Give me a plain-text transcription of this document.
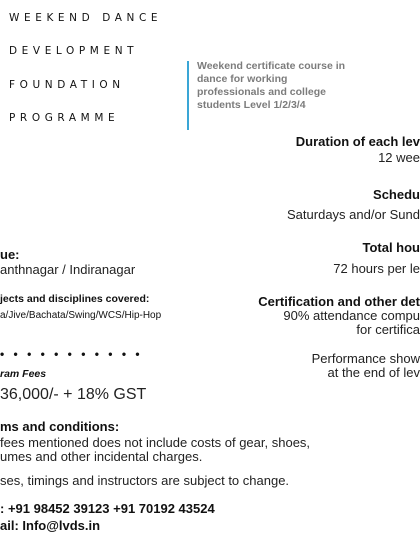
WEEKEND DANCE
DEVELOPMENT
FOUNDATION
PROGRAMME
Weekend certificate course in dance for working professionals and college students Level 1/2/3/4
Duration of each lev
12 wee
Schedu
Saturdays and/or Sund
Total hou
72 hours per le
Certification and other det
90% attendance compu
for certifica
Performance show
at the end of lev
ue:
anthnagar / Indiranagar
jects and disciplines covered:
a/Jive/Bachata/Swing/WCS/Hip-Hop
• • • • • • • • • • •
ram Fees
36,000/- + 18% GST
ms and conditions:
fees mentioned does not include costs of gear, shoes,
umes and other incidental charges.
ses, timings and instructors are subject to change.
: +91 98452 39123 +91 70192 43524
ail: Info@lvds.in
